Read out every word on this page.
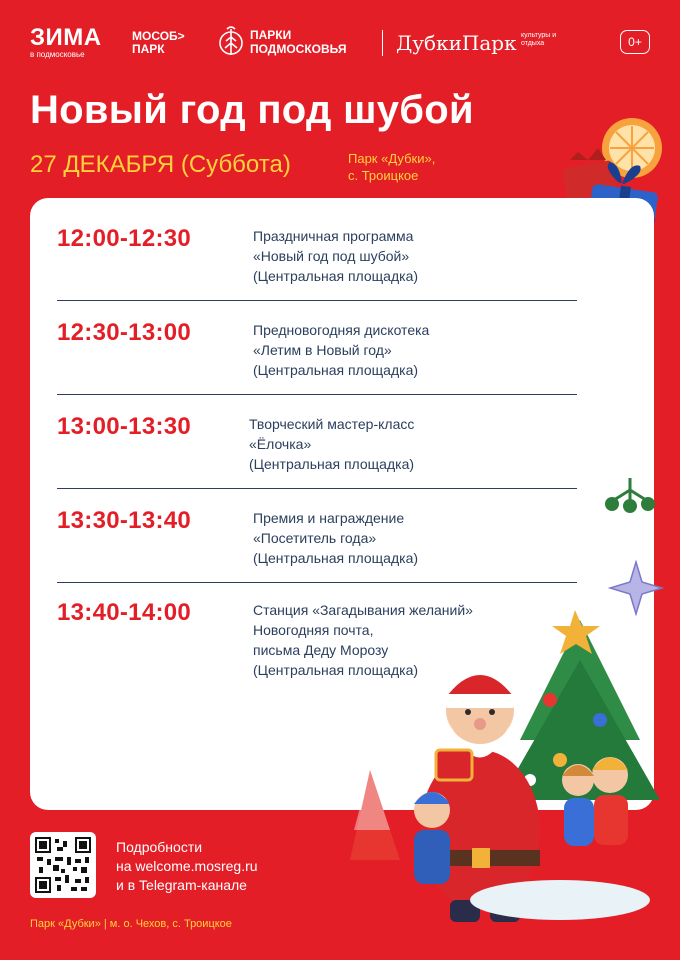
ЗИМА
в подмосковье
МОСОБ>
ПАРК
ПАРКИ
ПОДМОСКОВЬЯ ДубкиПарк культуры и отдыха	0+
Новый год под шубой
27 ДЕКАБРЯ (Суббота)	Парк «Дубки»,
с. Троицкое
12:00-12:30	Праздничная программа
«Новый год под шубой»
(Центральная площадка)
12:30-13:00	Предновогодняя дискотека
«Летим в Новый год»
(Центральная площадка)
13:00-13:30	Творческий мастер-класс
«Ёлочка»
(Центральная площадка)
13:30-13:40	Премия и награждение
«Посетитель года»
(Центральная площадка)
13:40-14:00	Станция «Загадывания желаний»
Новогодняя почта,
письма Деду Морозу
(Центральная площадка)
Подробности
на welcome.mosreg.ru
и в Telegram-канале
Парк «Дубки» | м. о. Чехов, с. Троицкое
